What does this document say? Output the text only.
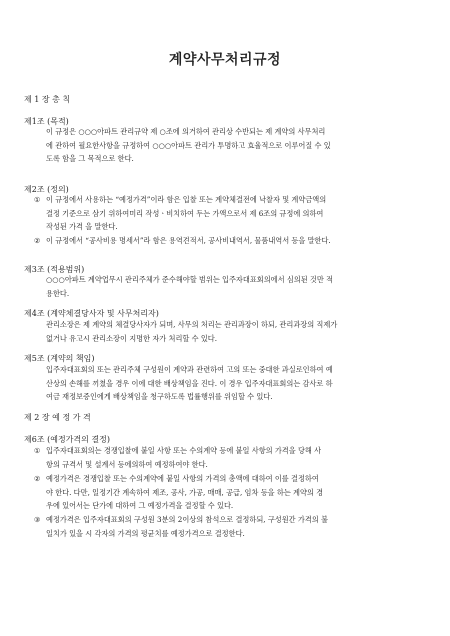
계약사무처리규정
제 1 장 총 칙
제1조 (목적)
이 규정은 ○○○아파트 관리규약 제 ○조에 의거하여 관리상 수반되는 제 계약의 사무처리
에 관하여 필요한사항을 규정하여 ○○○아파트 관리가 투명하고 효율적으로 이루어질 수 있
도록 함을 그 목적으로 한다.
제2조 (정의)
① 이 규정에서 사용하는 “예정가격”이라 함은 입찰 또는 계약체결전에 낙찰자 및 계약금액의
결정 기준으로 삼기 위하여미리 작성ㆍ비치하여 두는 가액으로서 제 6조의 규정에 의하여
작성된 가격 을 말한다.
② 이 규정에서 “공사비용 명세서”라 함은 용역견적서, 공사비내역서, 물품내역서 등을 말한다.
제3조 (적용범위)
○○○아파트 계약업무시 관리주체가 준수해야할 범위는 입주자대표회의에서 심의된 것만 적
용한다.
제4조 (계약체결당사자 및 사무처리자)
관리소장은 제 계약의 체결당사자가 되며, 사무의 처리는 관리과장이 하되, 관리과장의 직제가
없거나 유고시 관리소장이 지명한 자가 처리할 수 있다.
제5조 (계약의 책임)
입주자대표회의 또는 관리주체 구성원이 계약과 관련하여 고의 또는 중대한 과실로인하여 예
산상의 손해를 끼쳤을 경우 이에 대한 배상책임을 진다. 이 경우 입주자대표회의는 감사로 하
여금 재정보증인에게 배상책임을 청구하도록 법률행위를 위임할 수 있다.
제 2 장 예 정 가 격
제6조 (예정가격의 결정)
① 입주자대표회의는 경쟁입찰에 붙일 사항 또는 수의계약 등에 붙일 사항의 가격을 당해 사
항의 규격서 및 설계서 등에의하여 예정하여야 한다.
② 예정가격은 경쟁입찰 또는 수의계약에 붙일 사항의 가격의 총액에 대하여 이를 결정하여
야 한다. 다만, 일정기간 계속하여 제조, 공사, 가공, 매매, 공급, 임차 등을 하는 계약의 경
우에 있어서는 단가에 대하여 그 예정가격을 결정할 수 있다.
③ 예정가격은 입주자대표회의 구성원 3분의 2이상의 참석으로 결정하되, 구성원간 가격의 불
일치가 있을 시 각자의 가격의 평균치를 예정가격으로 결정한다.
